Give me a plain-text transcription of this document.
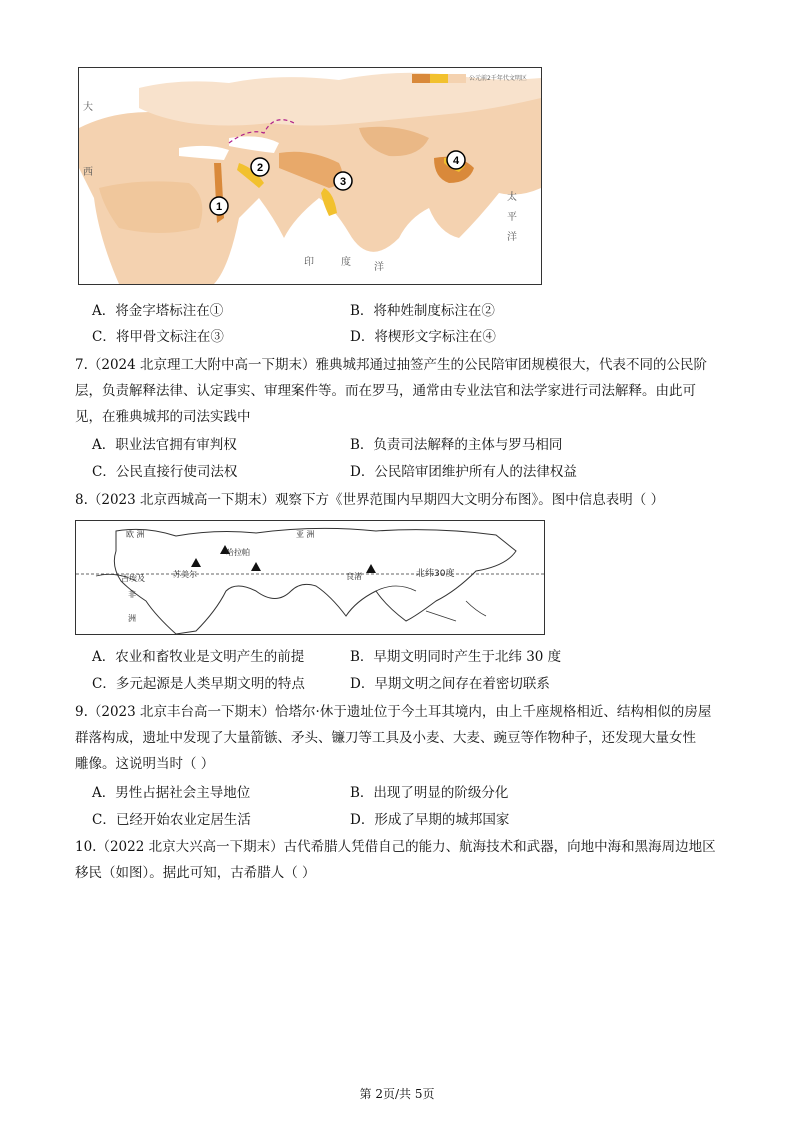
1
2
3
4
公元前2千年代文明区
大
西
印	度 洋
太
平
洋
A．将金字塔标注在①	B．将种姓制度标注在②
C．将甲骨文标注在③	D．将楔形文字标注在④
7.（2024 北京理工大附中高一下期末）雅典城邦通过抽签产生的公民陪审团规模很大，代表不同的公民阶
层，负责解释法律、认定事实、审理案件等。而在罗马，通常由专业法官和法学家进行司法解释。由此可
见，在雅典城邦的司法实践中
A．职业法官拥有审判权	B．负责司法解释的主体与罗马相同
C．公民直接行使司法权	D．公民陪审团维护所有人的法律权益
8.（2023 北京西城高一下期末）观察下方《世界范围内早期四大文明分布图》。图中信息表明（ ）
欧 洲	亚 洲
哈拉帕
古埃及	苏美尔	良渚	北纬30度
非
洲
A．农业和畜牧业是文明产生的前提	B．早期文明同时产生于北纬 30 度
C．多元起源是人类早期文明的特点	D．早期文明之间存在着密切联系
9.（2023 北京丰台高一下期末）恰塔尔·休于遗址位于今土耳其境内，由上千座规格相近、结构相似的房屋
群落构成，遗址中发现了大量箭镞、矛头、镰刀等工具及小麦、大麦、豌豆等作物种子，还发现大量女性
雕像。这说明当时（ ）
A．男性占据社会主导地位	B．出现了明显的阶级分化
C．已经开始农业定居生活	D．形成了早期的城邦国家
10.（2022 北京大兴高一下期末）古代希腊人凭借自己的能力、航海技术和武器，向地中海和黑海周边地区
移民（如图）。据此可知，古希腊人（ ）
第 2页/共 5页
